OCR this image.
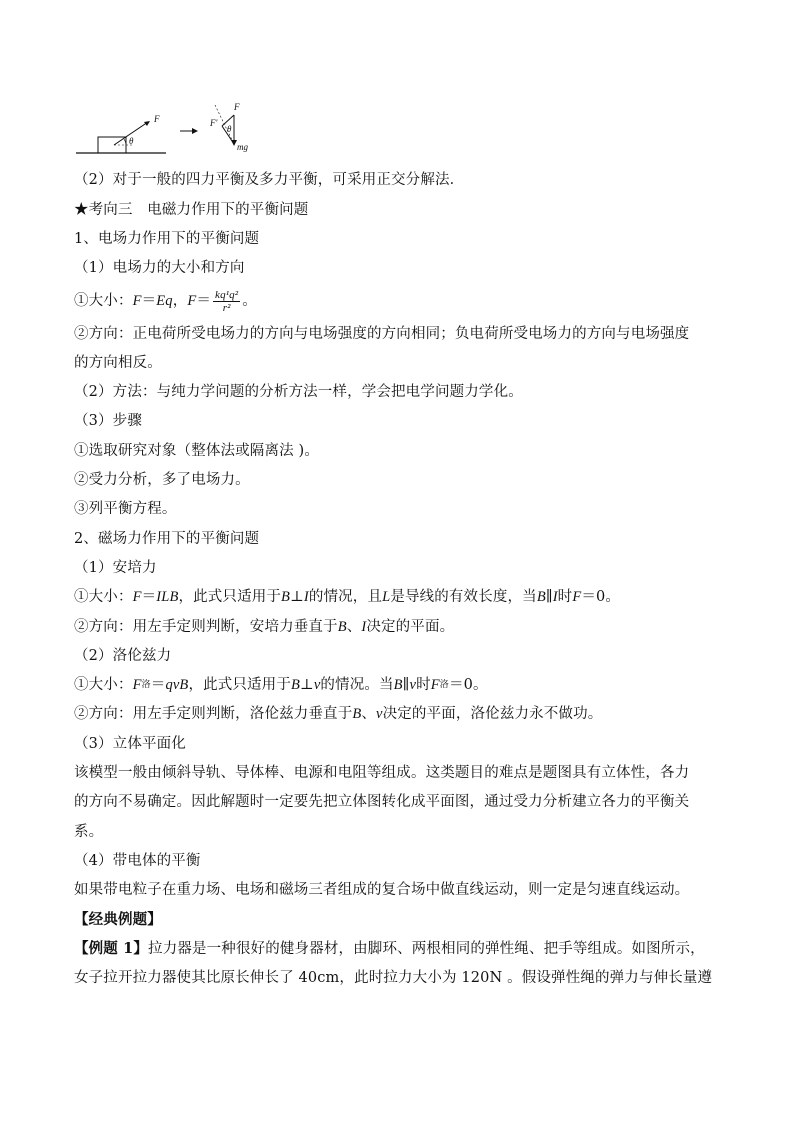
F
θ
F
F'
θ
mg
（2）对于一般的四力平衡及多力平衡，可采用正交分解法．
★考向三　电磁力作用下的平衡问题
1、电场力作用下的平衡问题
（1）电场力的大小和方向
①大小： F ＝ Eq ， $F = \frac{\text{kq¹q²}}{\text{r²}}$ 。
②方向：正电荷所受电场力的方向与电场强度的方向相同；负电荷所受电场力的方向与电场强度
的方向相反。
（2）方法：与纯力学问题的分析方法一样，学会把电学问题力学化。
（3）步骤
①选取研究对象（整体法或隔离法 )。
②受力分析，多了电场力。
③列平衡方程。
2、磁场力作用下的平衡问题
（1）安培力
①大小： F ＝ ILB ，此式只适用于 B ⊥ I 的情况，且 L 是导线的有效长度，当 B ∥ I 时 F ＝0。
②方向：用左手定则判断，安培力垂直于 B 、 I 决定的平面。
（2）洛伦兹力
①大小： F 洛 ＝ qvB ，此式只适用于 B ⊥ v 的情况。当 B ∥ v 时 F 洛 ＝0。
②方向：用左手定则判断，洛伦兹力垂直于 B 、 v 决定的平面，洛伦兹力永不做功。
（3）立体平面化
该模型一般由倾斜导轨、导体棒、电源和电阻等组成。这类题目的难点是题图具有立体性，各力
的方向不易确定。因此解题时一定要先把立体图转化成平面图，通过受力分析建立各力的平衡关
系。
（4）带电体的平衡
如果带电粒子在重力场、电场和磁场三者组成的复合场中做直线运动，则一定是匀速直线运动。
【经典例题】
【例题 1】 拉力器是一种很好的健身器材，由脚环、两根相同的弹性绳、把手等组成。如图所示，
女子拉开拉力器使其比原长伸长了 40cm，此时拉力大小为 120N 。假设弹性绳的弹力与伸长量遵
